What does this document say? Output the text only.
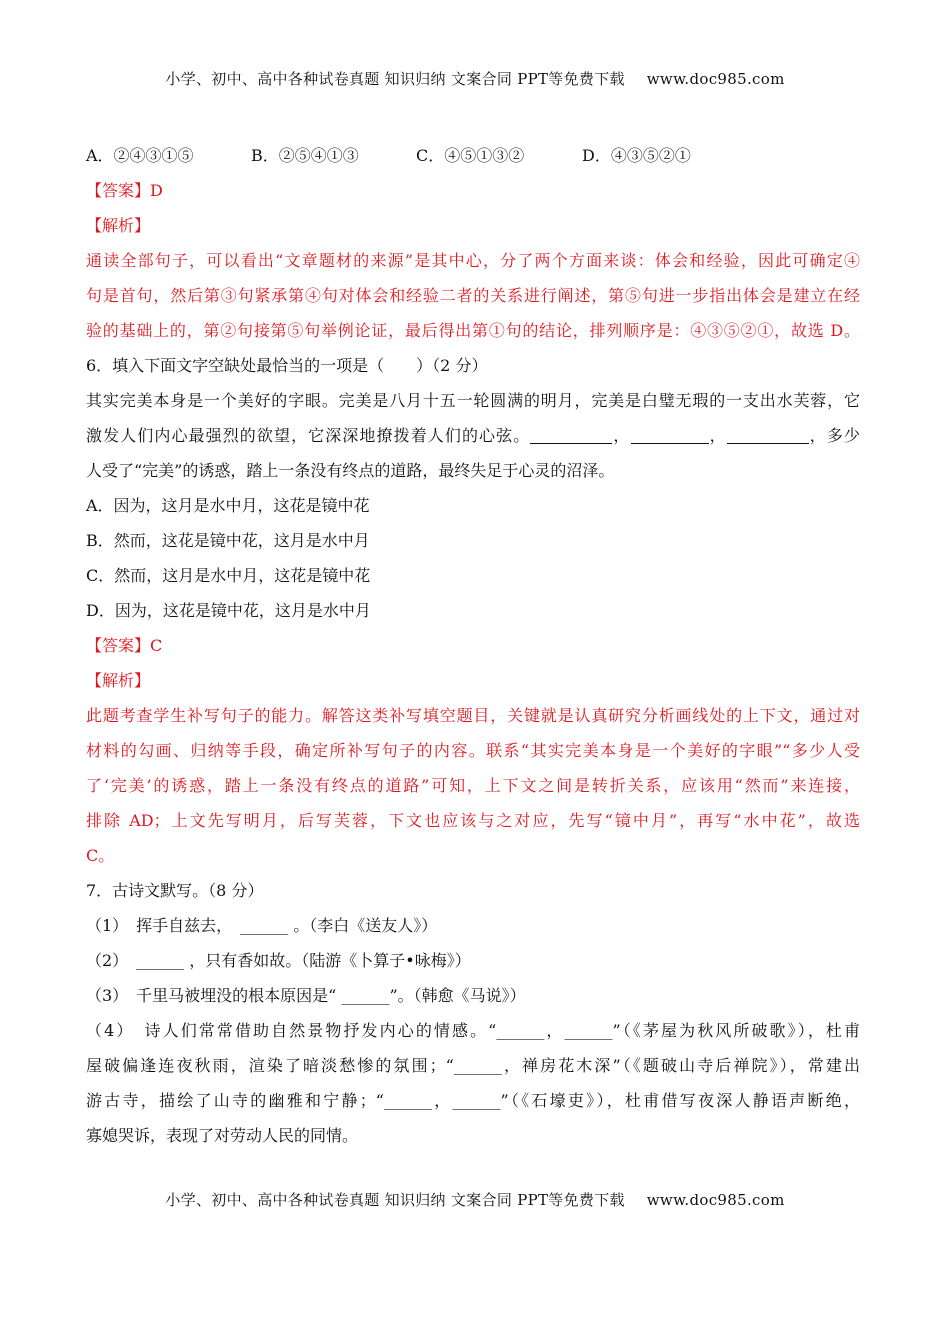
小学、初中、高中各种试卷真题 知识归纳 文案合同 PPT等免费下载 www.doc985.com
A．②④③①⑤	B．②⑤④①③	C．④⑤①③②	D．④③⑤②①
【答案】D
【解析】
通读全部句子，可以看出“文章题材的来源”是其中心，分了两个方面来谈：体会和经验，因此可确定④
句是首句，然后第③句紧承第④句对体会和经验二者的关系进行阐述，第⑤句进一步指出体会是建立在经
验的基础上的，第②句接第⑤句举例论证，最后得出第①句的结论，排列顺序是：④③⑤②①，故选 D。
6．填入下面文字空缺处最恰当的一项是（　　）（2 分）
其实完美本身是一个美好的字眼。完美是八月十五一轮圆满的明月，完美是白璧无瑕的一支出水芙蓉，它
激发人们内心最强烈的欲望，它深深地撩拨着人们的心弦。	，	，	，多少
人受了“完美”的诱惑，踏上一条没有终点的道路，最终失足于心灵的沼泽。
A．因为，这月是水中月，这花是镜中花
B．然而，这花是镜中花，这月是水中月
C．然而，这月是水中月，这花是镜中花
D．因为，这花是镜中花，这月是水中月
【答案】C
【解析】
此题考查学生补写句子的能力。解答这类补写填空题目，关键就是认真研究分析画线处的上下文，通过对
材料的勾画、归纳等手段，确定所补写句子的内容。联系“其实完美本身是一个美好的字眼”“多少人受
了‘完美’的诱惑，踏上一条没有终点的道路”可知，上下文之间是转折关系，应该用“然而”来连接，
排除 AD；上文先写明月，后写芙蓉，下文也应该与之对应，先写“镜中月”，再写“水中花”，故选
C。
7．古诗文默写。（8 分）
（1）　挥手自兹去，　______ 。（李白《送友人》）
（2）　______ ，只有香如故。（陆游《卜算子•咏梅》）
（3）　千里马被埋没的根本原因是“ ______”。（韩愈《马说》）
（4）　诗人们常常借助自然景物抒发内心的情感。“______，______”（《茅屋为秋风所破歌》），杜甫
屋破偏逢连夜秋雨，渲染了暗淡愁惨的氛围；“______，禅房花木深”（《题破山寺后禅院》），常建出
游古寺，描绘了山寺的幽雅和宁静；“______，______”（《石壕吏》），杜甫借写夜深人静语声断绝，
寡媳哭诉，表现了对劳动人民的同情。
小学、初中、高中各种试卷真题 知识归纳 文案合同 PPT等免费下载 www.doc985.com
